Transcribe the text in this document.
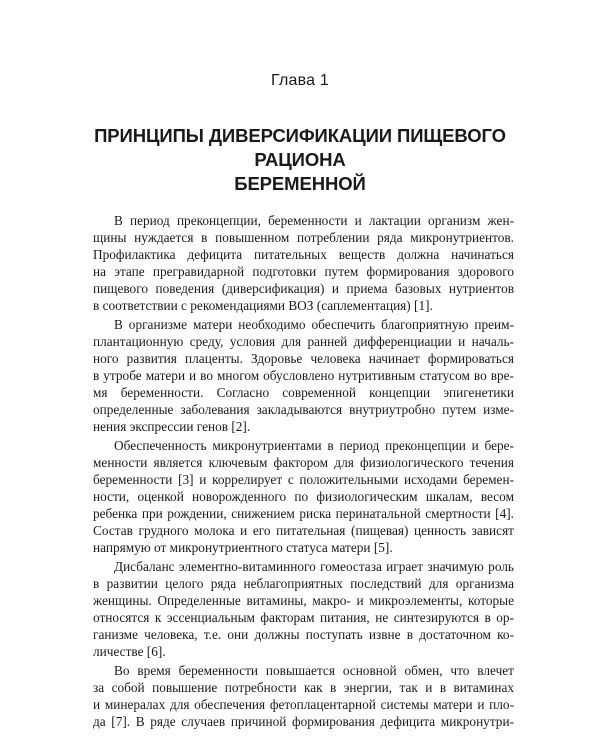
Глава 1
ПРИНЦИПЫ ДИВЕРСИФИКАЦИИ ПИЩЕВОГО РАЦИОНА
БЕРЕМЕННОЙ
В период преконцепции, беременности и лактации организм жен-
щины нуждается в повышенном потреблении ряда микронутриентов.
Профилактика дефицита питательных веществ должна начинаться
на этапе прегравидарной подготовки путем формирования здорового
пищевого поведения (диверсификация) и приема базовых нутриентов
в соответствии с рекомендациями ВОЗ (саплементация) [1].
В организме матери необходимо обеспечить благоприятную преим-
плантационную среду, условия для ранней дифференциации и началь-
ного развития плаценты. Здоровье человека начинает формироваться
в утробе матери и во многом обусловлено нутритивным статусом во вре-
мя беременности. Согласно современной концепции эпигенетики
определенные заболевания закладываются внутриутробно путем изме-
нения экспрессии генов [2].
Обеспеченность микронутриентами в период преконцепции и бере-
менности является ключевым фактором для физиологического течения
беременности [3] и коррелирует с положительными исходами беремен-
ности, оценкой новорожденного по физиологическим шкалам, весом
ребенка при рождении, снижением риска перинатальной смертности [4].
Состав грудного молока и его питательная (пищевая) ценность зависят
напрямую от микронутриентного статуса матери [5].
Дисбаланс элементно-витаминного гомеостаза играет значимую роль
в развитии целого ряда неблагоприятных последствий для организма
женщины. Определенные витамины, макро- и микроэлементы, которые
относятся к эссенциальным факторам питания, не синтезируются в ор-
ганизме человека, т.е. они должны поступать извне в достаточном ко-
личестве [6].
Во время беременности повышается основной обмен, что влечет
за собой повышение потребности как в энергии, так и в витаминах
и минералах для обеспечения фетоплацентарной системы матери и пло-
да [7]. В ряде случаев причиной формирования дефицита микронутри-
